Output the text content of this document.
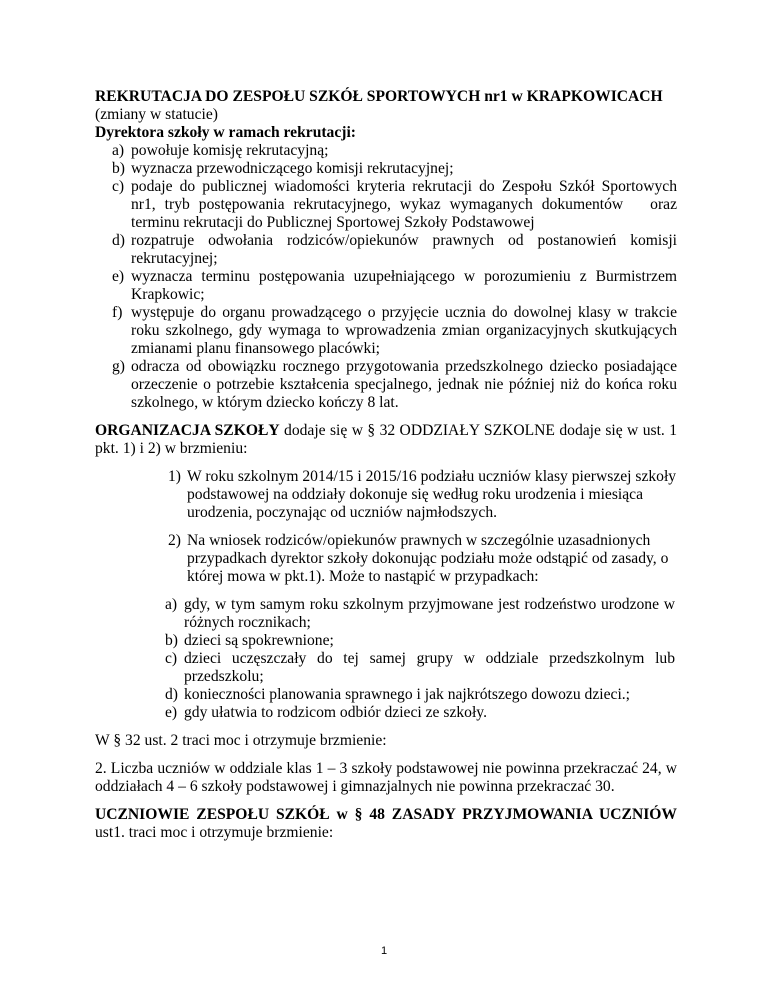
REKRUTACJA DO ZESPOŁU SZKÓŁ SPORTOWYCH nr1 w KRAPKOWICACH

(zmiany w statucie)

Dyrektora szkoły w ramach rekrutacji:

a) powołuje komisję rekrutacyjną;
b) wyznacza przewodniczącego komisji rekrutacyjnej;
c) podaje do publicznej wiadomości kryteria rekrutacji do Zespołu Szkół Sportowych nr1, tryb postępowania rekrutacyjnego, wykaz wymaganych dokumentów   oraz terminu rekrutacji do Publicznej Sportowej Szkoły Podstawowej
d) rozpatruje odwołania rodziców/opiekunów prawnych od postanowień komisji rekrutacyjnej;
e) wyznacza terminu postępowania uzupełniającego w porozumieniu z Burmistrzem Krapkowic;
f) występuje do organu prowadzącego o przyjęcie ucznia do dowolnej klasy w trakcie roku szkolnego, gdy wymaga to wprowadzenia zmian organizacyjnych skutkujących zmianami planu finansowego placówki;
g) odracza od obowiązku rocznego przygotowania przedszkolnego dziecko posiadające orzeczenie o potrzebie kształcenia specjalnego, jednak nie później niż do końca roku szkolnego, w którym dziecko kończy 8 lat.

ORGANIZACJA SZKOŁY dodaje się w § 32 ODDZIAŁY SZKOLNE dodaje się w ust. 1 pkt. 1) i 2) w brzmieniu:

1) W roku szkolnym 2014/15 i 2015/16 podziału uczniów klasy pierwszej szkoły podstawowej na oddziały dokonuje się według roku urodzenia i miesiąca urodzenia, poczynając od uczniów najmłodszych.
2) Na wniosek rodziców/opiekunów prawnych w szczególnie uzasadnionych przypadkach dyrektor szkoły dokonując podziału może odstąpić od zasady, o której mowa w pkt.1). Może to nastąpić w przypadkach:
a) gdy, w tym samym roku szkolnym przyjmowane jest rodzeństwo urodzone w różnych rocznikach;
b) dzieci są spokrewnione;
c) dzieci uczęszczały do tej samej grupy w oddziale przedszkolnym lub przedszkolu;
d) konieczności planowania sprawnego i jak najkrótszego dowozu dzieci.;
e) gdy ułatwia to rodzicom odbiór dzieci ze szkoły.

W § 32 ust. 2 traci moc i otrzymuje brzmienie:

2. Liczba uczniów w oddziale klas 1 – 3 szkoły podstawowej nie powinna przekraczać 24, w oddziałach 4 – 6 szkoły podstawowej i gimnazjalnych nie powinna przekraczać 30.

UCZNIOWIE ZESPOŁU SZKÓŁ w § 48 ZASADY PRZYJMOWANIA UCZNIÓW

ust1. traci moc i otrzymuje brzmienie:

1
